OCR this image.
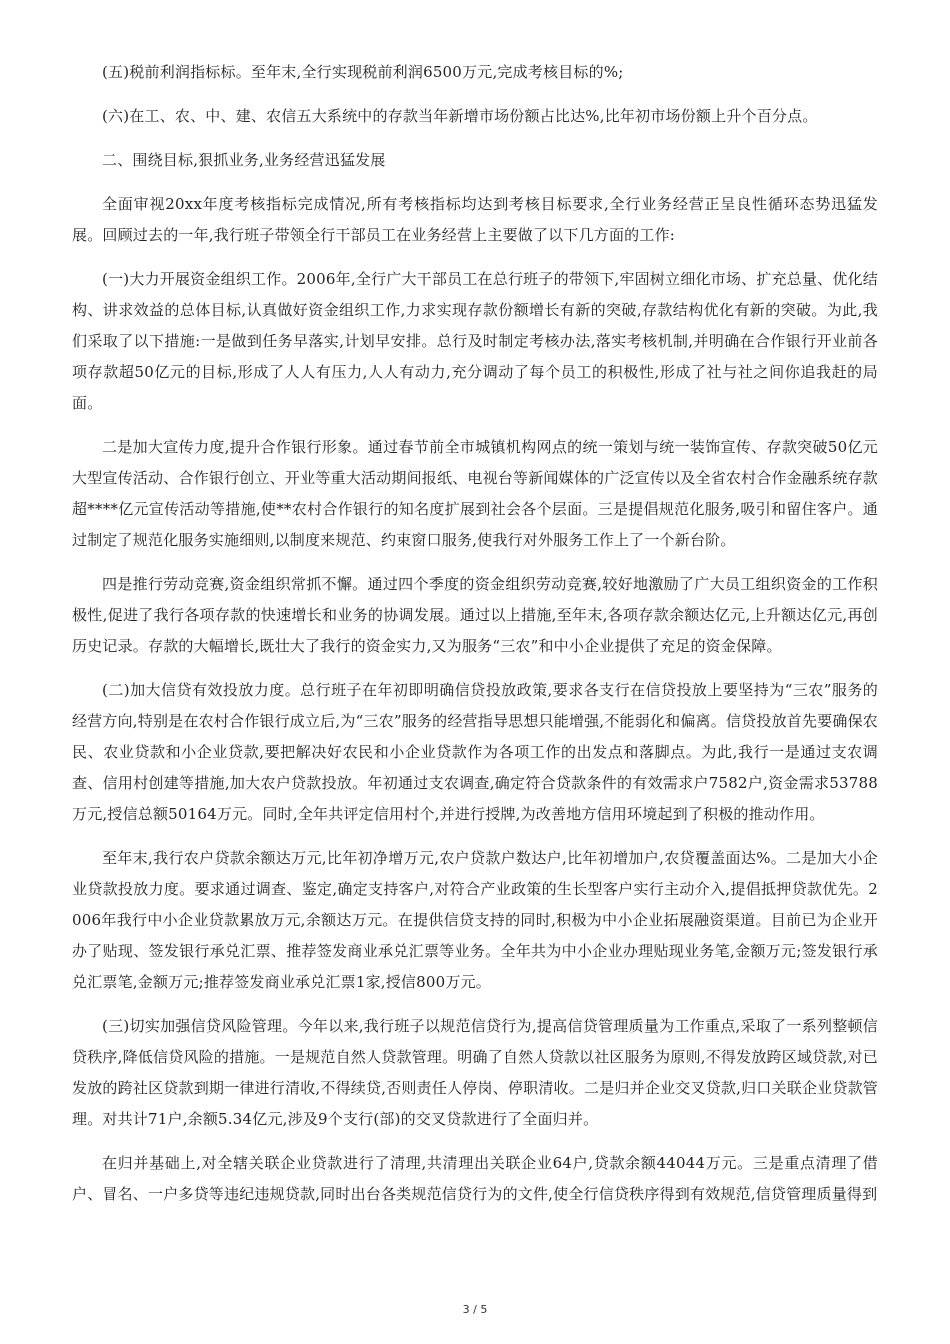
(五)税前利润指标标。至年末,全行实现税前利润6500万元,完成考核目标的%;

(六)在工、农、中、建、农信五大系统中的存款当年新增市场份额占比达%,比年初市场份额上升个百分点。

二、围绕目标,狠抓业务,业务经营迅猛发展

全面审视20xx年度考核指标完成情况,所有考核指标均达到考核目标要求,全行业务经营正呈良性循环态势迅猛发展。回顾过去的一年,我行班子带领全行干部员工在业务经营上主要做了以下几方面的工作:

(一)大力开展资金组织工作。2006年,全行广大干部员工在总行班子的带领下,牢固树立细化市场、扩充总量、优化结构、讲求效益的总体目标,认真做好资金组织工作,力求实现存款份额增长有新的突破,存款结构优化有新的突破。为此,我们采取了以下措施:一是做到任务早落实,计划早安排。总行及时制定考核办法,落实考核机制,并明确在合作银行开业前各项存款超50亿元的目标,形成了人人有压力,人人有动力,充分调动了每个员工的积极性,形成了社与社之间你追我赶的局面。

二是加大宣传力度,提升合作银行形象。通过春节前全市城镇机构网点的统一策划与统一装饰宣传、存款突破50亿元大型宣传活动、合作银行创立、开业等重大活动期间报纸、电视台等新闻媒体的广泛宣传以及全省农村合作金融系统存款超****亿元宣传活动等措施,使**农村合作银行的知名度扩展到社会各个层面。三是提倡规范化服务,吸引和留住客户。通过制定了规范化服务实施细则,以制度来规范、约束窗口服务,使我行对外服务工作上了一个新台阶。

四是推行劳动竞赛,资金组织常抓不懈。通过四个季度的资金组织劳动竞赛,较好地激励了广大员工组织资金的工作积极性,促进了我行各项存款的快速增长和业务的协调发展。通过以上措施,至年末,各项存款余额达亿元,上升额达亿元,再创历史记录。存款的大幅增长,既壮大了我行的资金实力,又为服务“三农”和中小企业提供了充足的资金保障。

(二)加大信贷有效投放力度。总行班子在年初即明确信贷投放政策,要求各支行在信贷投放上要坚持为“三农”服务的经营方向,特别是在农村合作银行成立后,为“三农”服务的经营指导思想只能增强,不能弱化和偏离。信贷投放首先要确保农民、农业贷款和小企业贷款,要把解决好农民和小企业贷款作为各项工作的出发点和落脚点。为此,我行一是通过支农调查、信用村创建等措施,加大农户贷款投放。年初通过支农调查,确定符合贷款条件的有效需求户7582户,资金需求53788万元,授信总额50164万元。同时,全年共评定信用村个,并进行授牌,为改善地方信用环境起到了积极的推动作用。

至年末,我行农户贷款余额达万元,比年初净增万元,农户贷款户数达户,比年初增加户,农贷覆盖面达%。二是加大小企业贷款投放力度。要求通过调查、鉴定,确定支持客户,对符合产业政策的生长型客户实行主动介入,提倡抵押贷款优先。2006年我行中小企业贷款累放万元,余额达万元。在提供信贷支持的同时,积极为中小企业拓展融资渠道。目前已为企业开办了贴现、签发银行承兑汇票、推荐签发商业承兑汇票等业务。全年共为中小企业办理贴现业务笔,金额万元;签发银行承兑汇票笔,金额万元;推荐签发商业承兑汇票1家,授信800万元。

(三)切实加强信贷风险管理。今年以来,我行班子以规范信贷行为,提高信贷管理质量为工作重点,采取了一系列整顿信贷秩序,降低信贷风险的措施。一是规范自然人贷款管理。明确了自然人贷款以社区服务为原则,不得发放跨区域贷款,对已发放的跨社区贷款到期一律进行清收,不得续贷,否则责任人停岗、停职清收。二是归并企业交叉贷款,归口关联企业贷款管理。对共计71户,余额5.34亿元,涉及9个支行(部)的交叉贷款进行了全面归并。

在归并基础上,对全辖关联企业贷款进行了清理,共清理出关联企业64户,贷款余额44044万元。三是重点清理了借户、冒名、一户多贷等违纪违规贷款,同时出台各类规范信贷行为的文件,使全行信贷秩序得到有效规范,信贷管理质量得到

3 / 5
